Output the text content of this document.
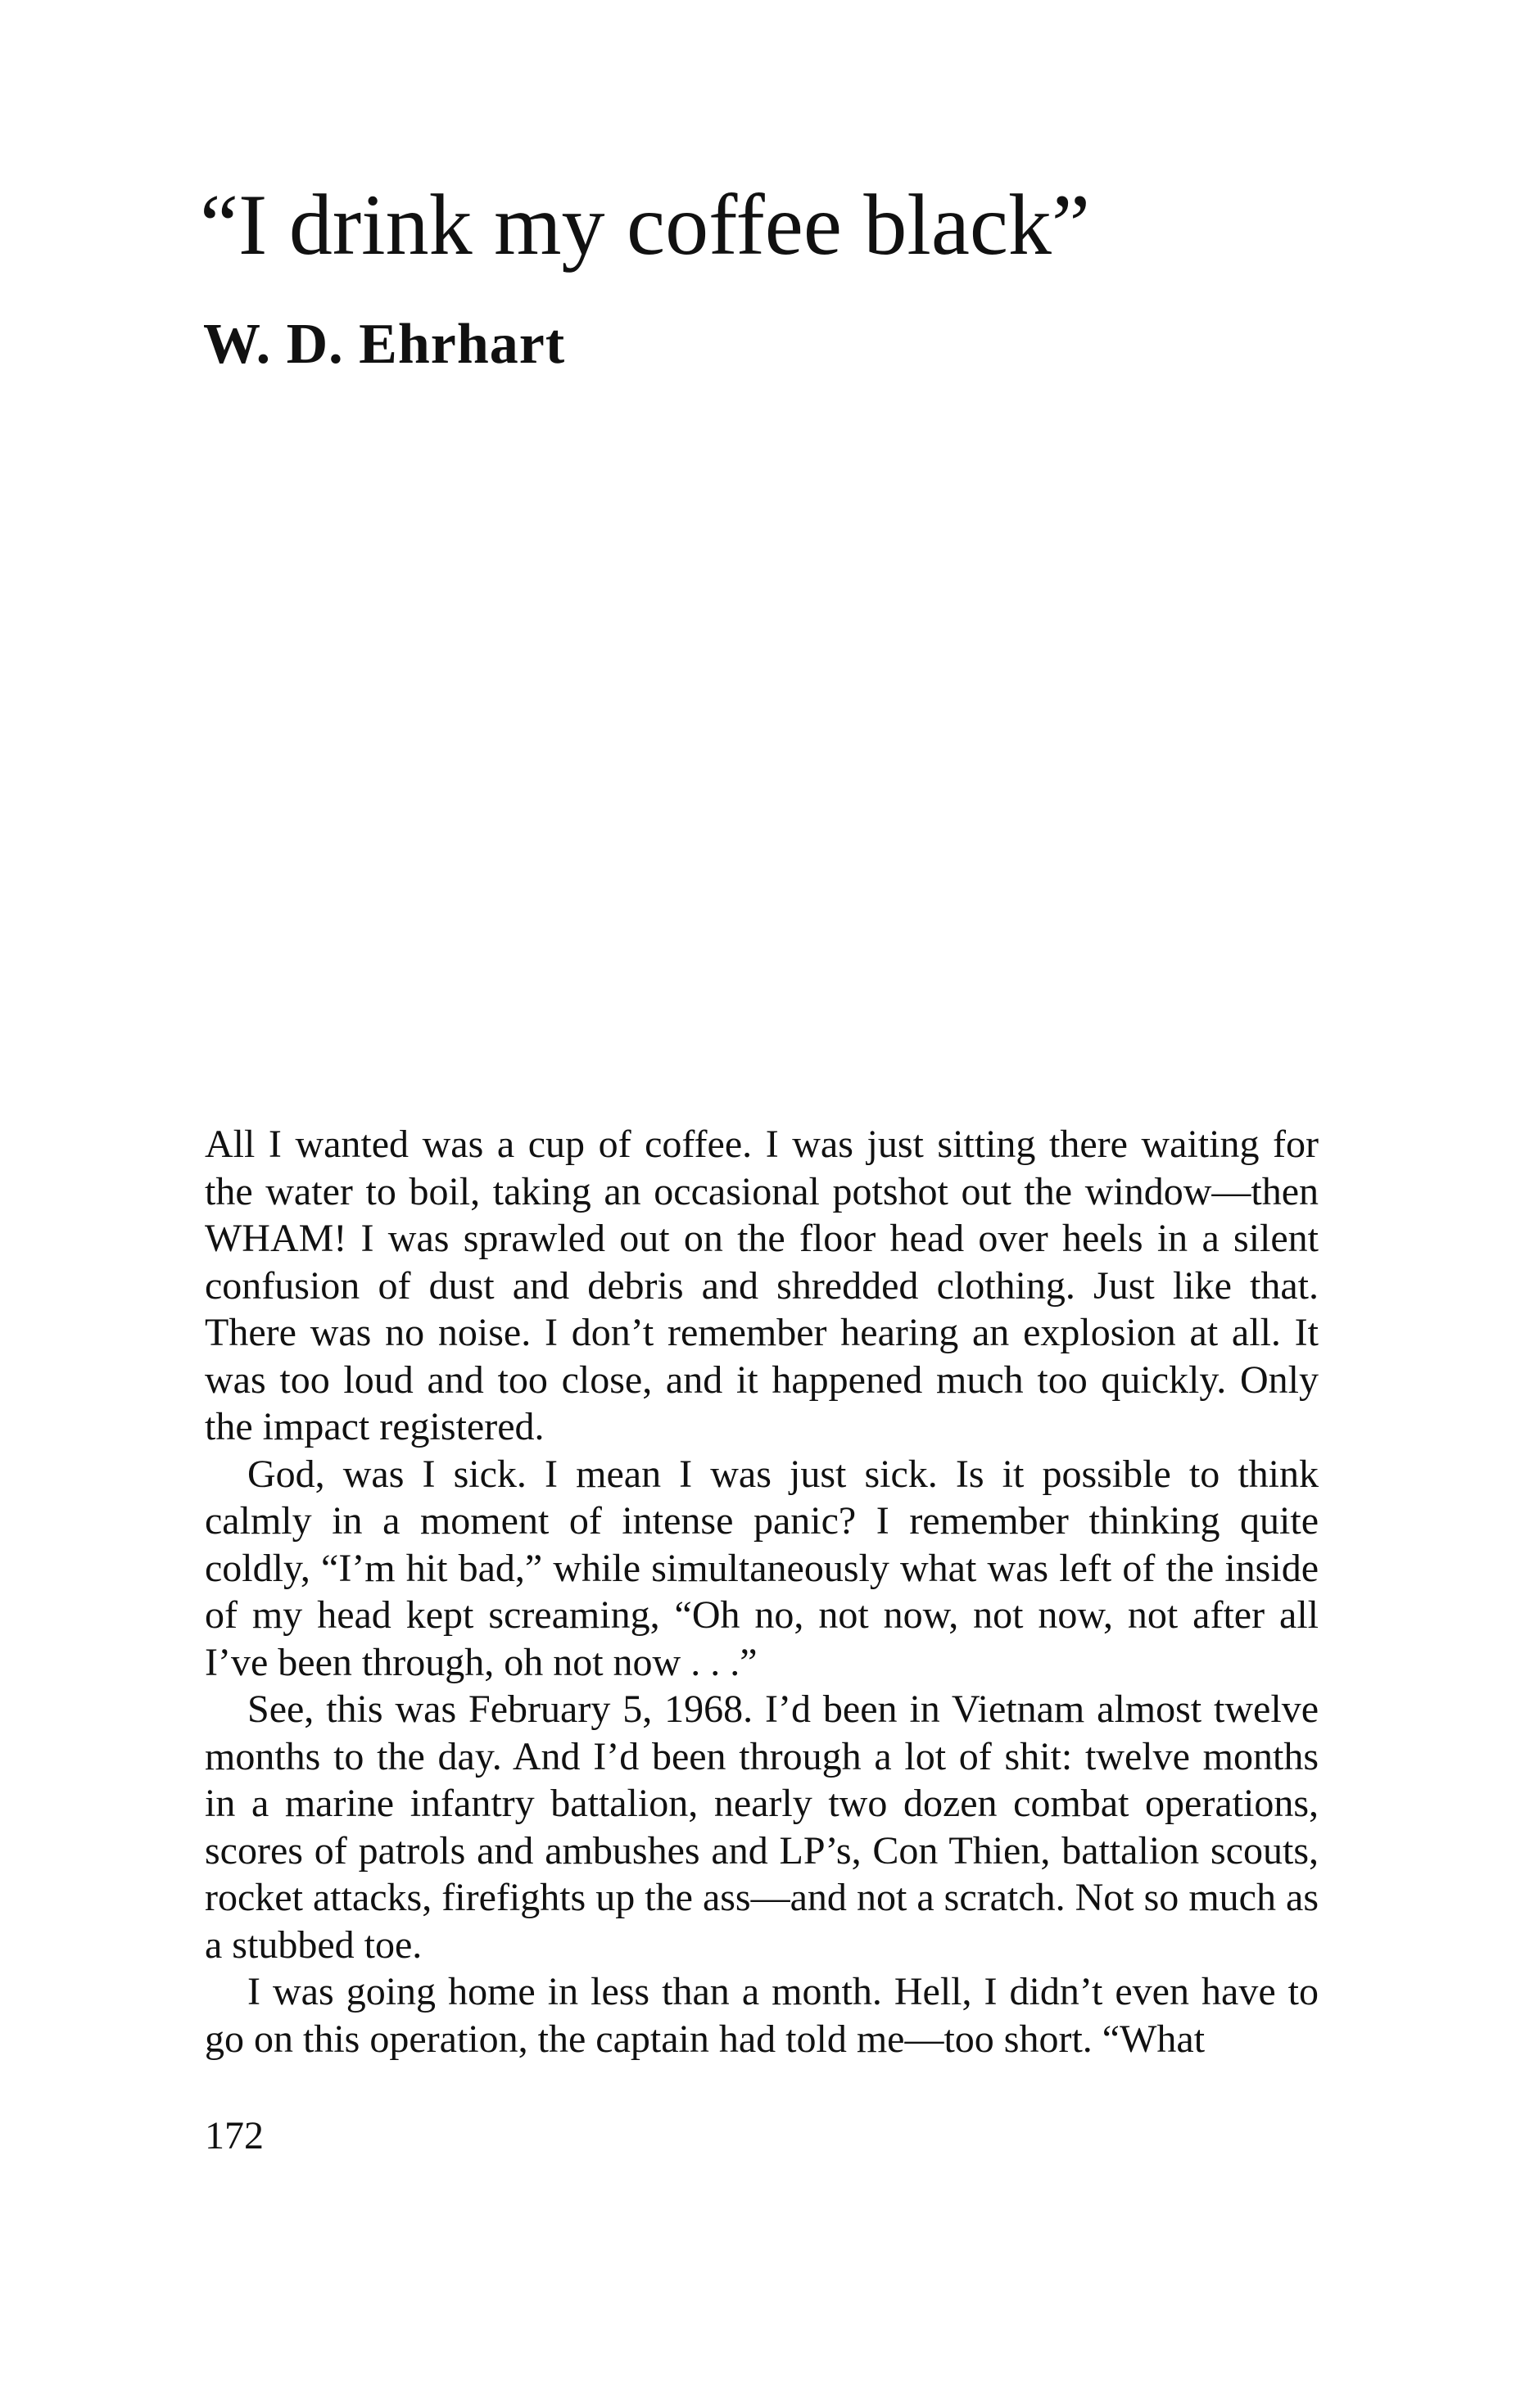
“I drink my coffee black”
W. D. Ehrhart

All I wanted was a cup of coffee. I was just sitting there waiting for the water to boil, taking an occasional potshot out the window—then WHAM! I was sprawled out on the floor head over heels in a silent confusion of dust and debris and shredded clothing. Just like that. There was no noise. I don’t remember hearing an explosion at all. It was too loud and too close, and it happened much too quickly. Only the impact registered.

God, was I sick. I mean I was just sick. Is it possible to think calmly in a moment of intense panic? I remember thinking quite coldly, “I’m hit bad,” while simultaneously what was left of the inside of my head kept screaming, “Oh no, not now, not now, not after all I’ve been through, oh not now . . .”

See, this was February 5, 1968. I’d been in Vietnam almost twelve months to the day. And I’d been through a lot of shit: twelve months in a marine infantry battalion, nearly two dozen combat operations, scores of patrols and ambushes and LP’s, Con Thien, battalion scouts, rocket attacks, firefights up the ass—and not a scratch. Not so much as a stubbed toe.

I was going home in less than a month. Hell, I didn’t even have to go on this operation, the captain had told me—too short. “What

172
